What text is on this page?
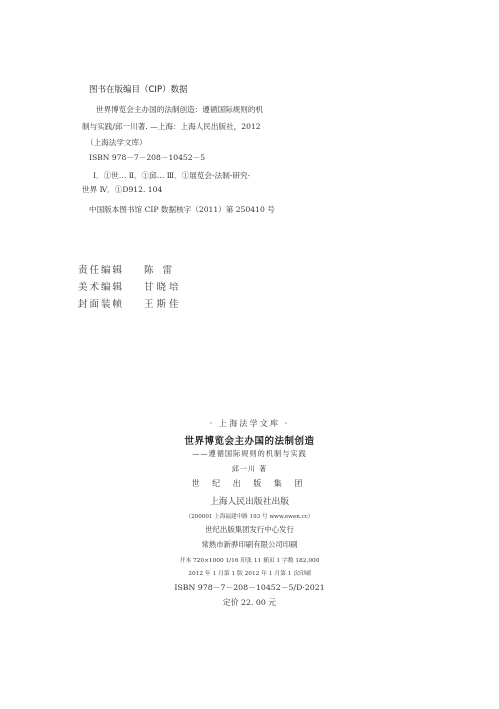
图书在版编目（CIP）数据
世界博览会主办国的法制创造：遵循国际规则的机
制与实践/邱一川著. —上海：上海人民出版社，2012
（上海法学文库）
ISBN 978－7－208－10452－5
Ⅰ．①世… Ⅱ．①邱… Ⅲ．①展览会-法制-研究-
世界 Ⅳ．①D912. 104
中国版本图书馆 CIP 数据核字（2011）第 250410 号
责任编辑	陈 雷
美术编辑	甘晓培
封面装帧	王斯佳
· 上海法学文库 ·
世界博览会主办国的法制创造
——遵循国际规则的机制与实践
邱一川 著
世 纪 出 版 集 团
上海人民出版社出版
（200001 上海福建中路 193 号 www.ewen.cc）
世纪出版集团发行中心发行
常熟市新骅印刷有限公司印刷
开本 720×1000 1/16 印张 11 插页 1 字数 182,000
2012 年 1 月第 1 版 2012 年 1 月第 1 次印刷
ISBN 978－7－208－10452－5/D·2021
定价 22. 00 元
